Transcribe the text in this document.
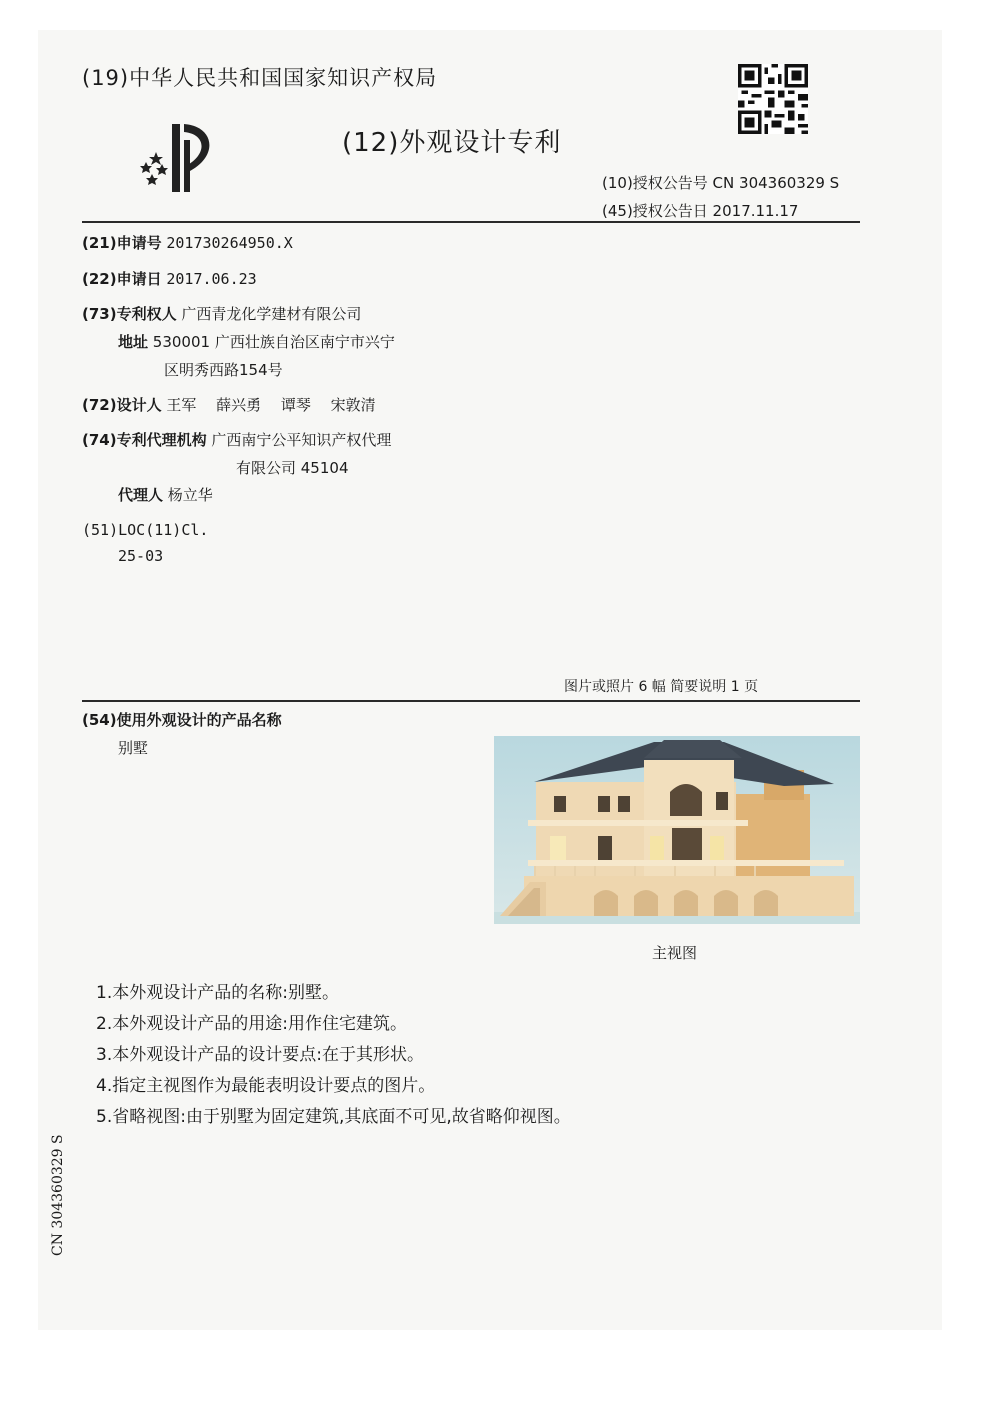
(19)中华人民共和国国家知识产权局
(12)外观设计专利
(10)授权公告号 CN 304360329 S
(45)授权公告日 2017.11.17
(21)申请号 201730264950.X
(22)申请日 2017.06.23
(73)专利权人 广西青龙化学建材有限公司
地址 530001 广西壮族自治区南宁市兴宁
区明秀西路154号
(72)设计人 王军　 薛兴勇　 谭琴　 宋敦清
(74)专利代理机构 广西南宁公平知识产权代理
有限公司 45104
代理人 杨立华
(51)LOC(11)Cl.
25-03
图片或照片 6 幅 简要说明 1 页
(54)使用外观设计的产品名称
别墅
主视图
1.本外观设计产品的名称:别墅。
2.本外观设计产品的用途:用作住宅建筑。
3.本外观设计产品的设计要点:在于其形状。
4.指定主视图作为最能表明设计要点的图片。
5.省略视图:由于别墅为固定建筑,其底面不可见,故省略仰视图。
CN 304360329 S
